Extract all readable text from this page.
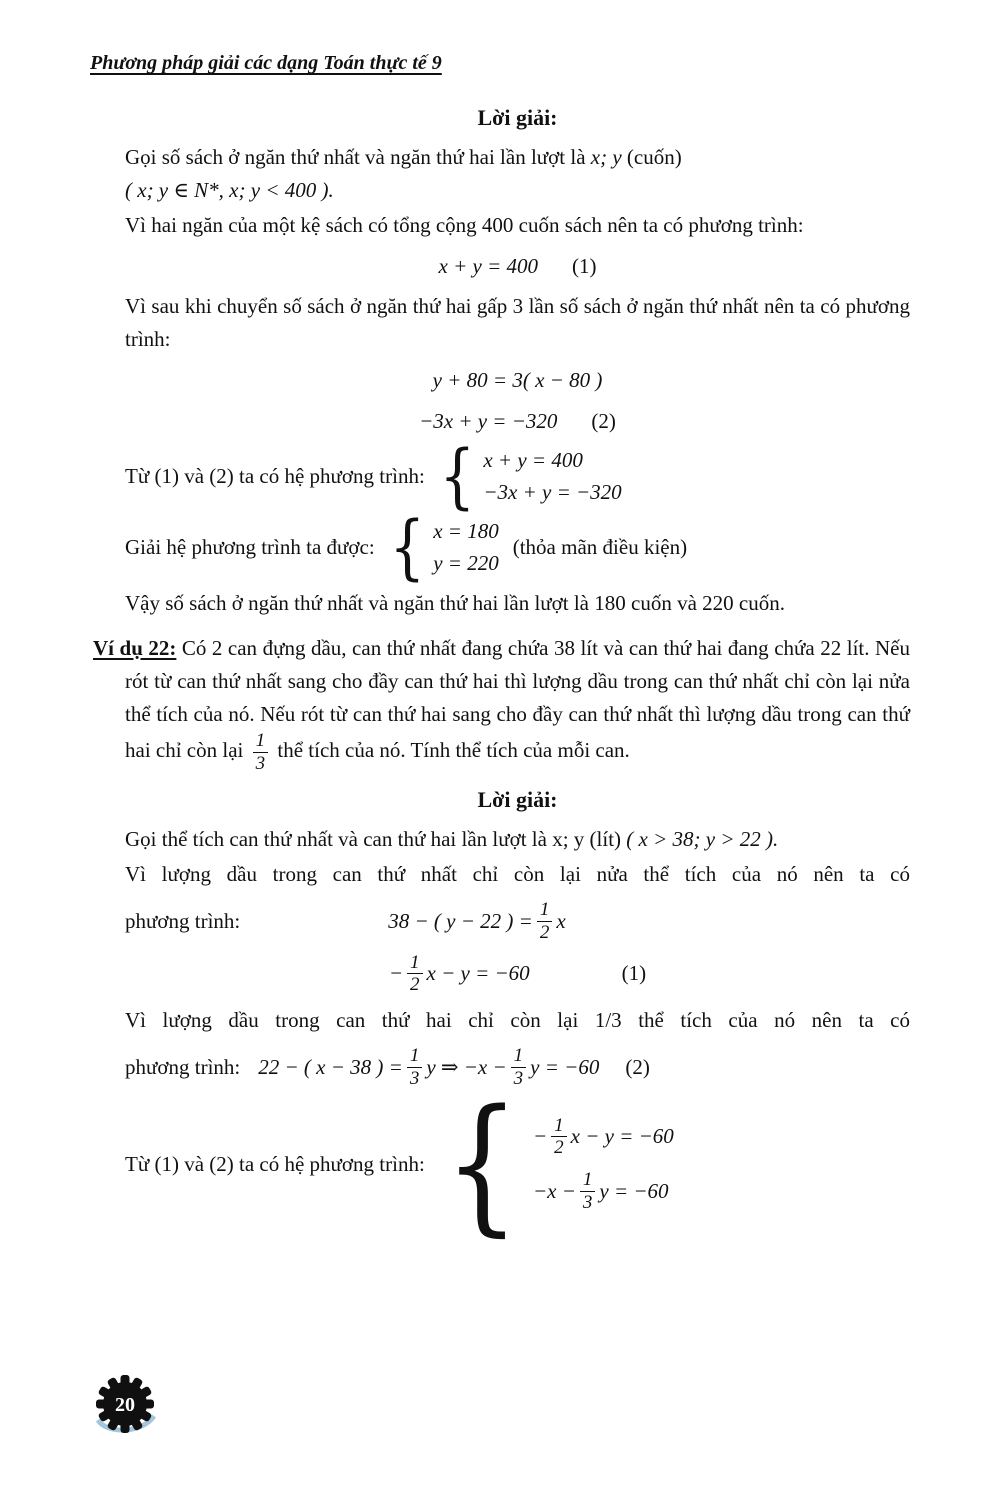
Phương pháp giải các dạng Toán thực tế 9
Lời giải:
Gọi số sách ở ngăn thứ nhất và ngăn thứ hai lần lượt là x; y (cuốn)
( x; y ∈ N*, x; y < 400 ).
Vì hai ngăn của một kệ sách có tổng cộng 400 cuốn sách nên ta có phương trình:
x + y = 400 (1)
Vì sau khi chuyển số sách ở ngăn thứ hai gấp 3 lần số sách ở ngăn thứ nhất nên ta có phương trình:
y + 80 = 3( x − 80 )
−3x + y = −320 (2)
Từ (1) và (2) ta có hệ phương trình:
{
x + y = 400
−3x + y = −320
Giải hệ phương trình ta được:
{
x = 180
y = 220
(thỏa mãn điều kiện)
Vậy số sách ở ngăn thứ nhất và ngăn thứ hai lần lượt là 180 cuốn và 220 cuốn.
Ví dụ 22: Có 2 can đựng dầu, can thứ nhất đang chứa 38 lít và can thứ hai đang chứa 22 lít. Nếu rót từ can thứ nhất sang cho đầy can thứ hai thì lượng dầu trong can thứ nhất chỉ còn lại nửa thể tích của nó. Nếu rót từ can thứ hai sang cho đầy can thứ nhất thì lượng dầu trong can thứ hai chỉ còn lại $\frac{1}{3}$ thể tích của nó. Tính thể tích của mỗi can.
Lời giải:
Gọi thể tích can thứ nhất và can thứ hai lần lượt là x; y (lít) ( x > 38; y > 22 ).
Vì lượng dầu trong can thứ nhất chỉ còn lại nửa thể tích của nó nên ta có
phương trình:	38 − ( y − 22 ) = $\frac{1}{2}$ x
− $\frac{1}{2}$ x − y = −60	(1)
Vì lượng dầu trong can thứ hai chỉ còn lại 1/3 thể tích của nó nên ta có
phương trình: 22 − ( x − 38 ) = $\frac{1}{3}$ y ⇒ $-x - \frac{1}{3}$ y = −60 (2)
Từ (1) và (2) ta có hệ phương trình:
{
− $\frac{1}{2}$ x − y = −60
$-x - \frac{1}{3}$ y = −60
20
